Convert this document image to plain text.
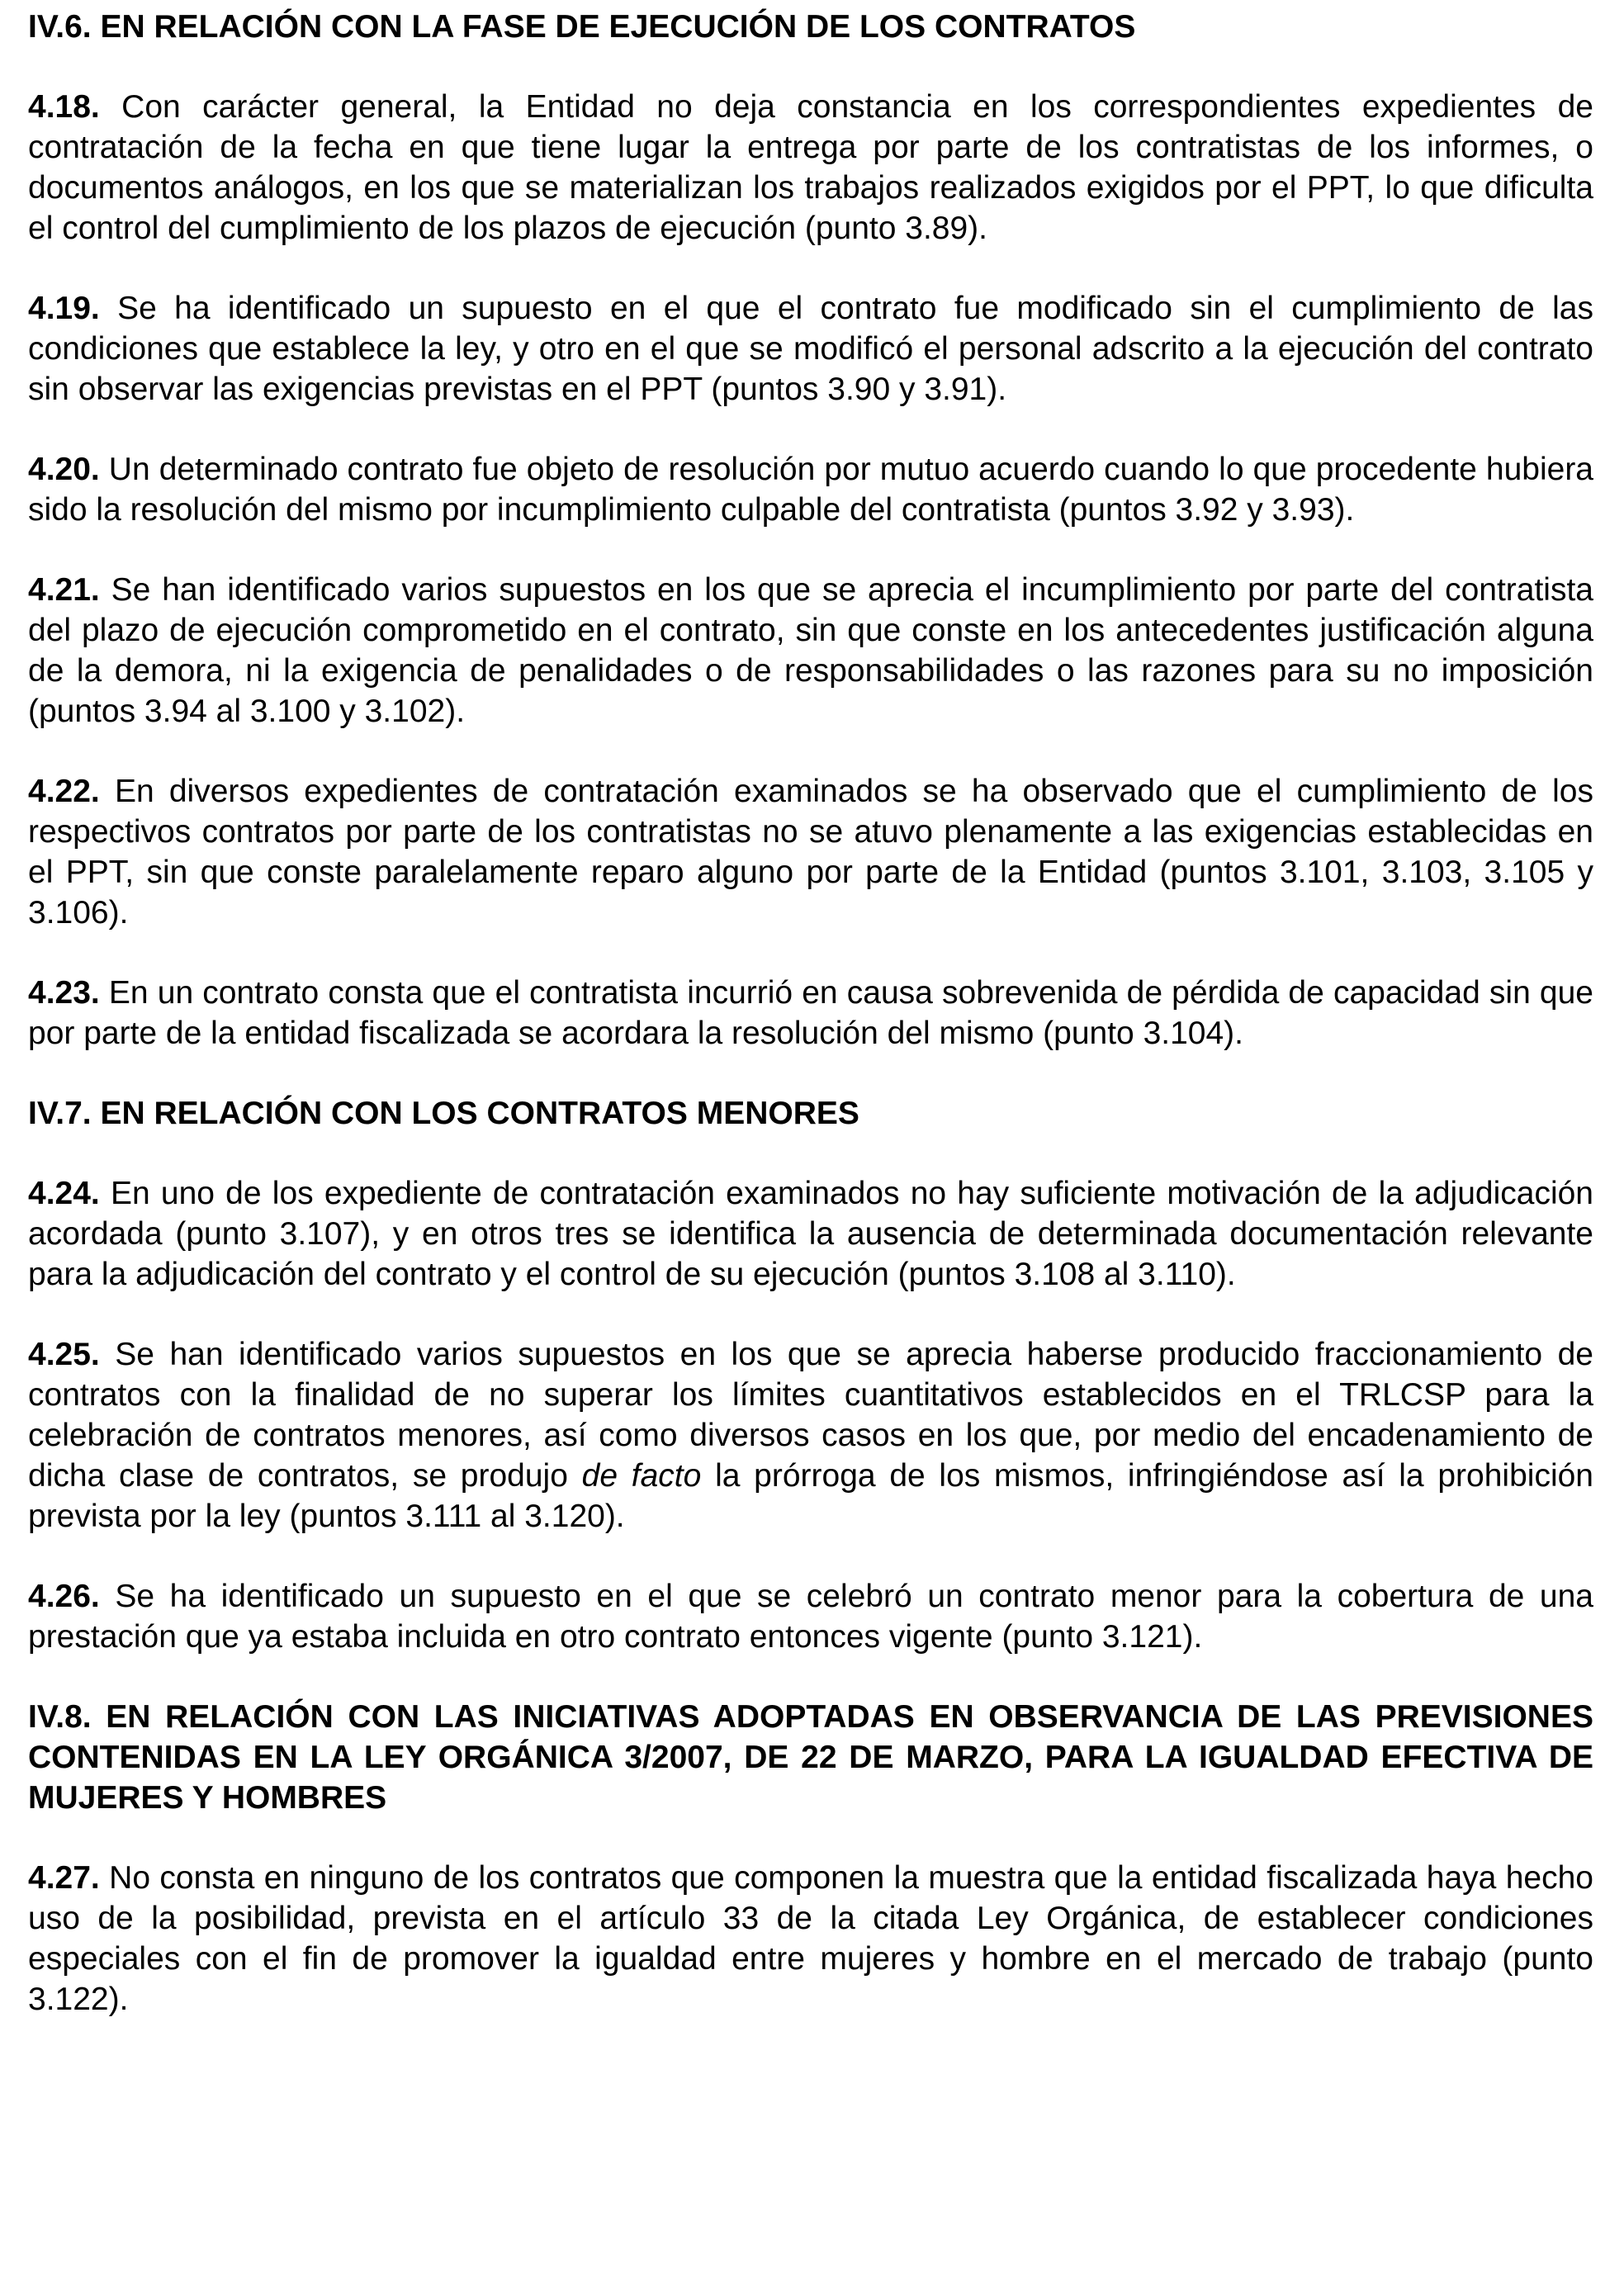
IV.6. EN RELACIÓN CON LA FASE DE EJECUCIÓN DE LOS CONTRATOS

4.18. Con carácter general, la Entidad no deja constancia en los correspondientes expedientes de contratación de la fecha en que tiene lugar la entrega por parte de los contratistas de los informes, o documentos análogos, en los que se materializan los trabajos realizados exigidos por el PPT, lo que dificulta el control del cumplimiento de los plazos de ejecución (punto 3.89).

4.19. Se ha identificado un supuesto en el que el contrato fue modificado sin el cumplimiento de las condiciones que establece la ley, y otro en el que se modificó el personal adscrito a la ejecución del contrato sin observar las exigencias previstas en el PPT (puntos 3.90 y 3.91).

4.20. Un determinado contrato fue objeto de resolución por mutuo acuerdo cuando lo que procedente hubiera sido la resolución del mismo por incumplimiento culpable del contratista (puntos 3.92 y 3.93).

4.21. Se han identificado varios supuestos en los que se aprecia el incumplimiento por parte del contratista del plazo de ejecución comprometido en el contrato, sin que conste en los antecedentes justificación alguna de la demora, ni la exigencia de penalidades o de responsabilidades o las razones para su no imposición (puntos 3.94 al 3.100 y 3.102).

4.22. En diversos expedientes de contratación examinados se ha observado que el cumplimiento de los respectivos contratos por parte de los contratistas no se atuvo plenamente a las exigencias establecidas en el PPT, sin que conste paralelamente reparo alguno por parte de la Entidad (puntos 3.101, 3.103, 3.105 y 3.106).

4.23. En un contrato consta que el contratista incurrió en causa sobrevenida de pérdida de capacidad sin que por parte de la entidad fiscalizada se acordara la resolución del mismo (punto 3.104).

IV.7. EN RELACIÓN CON LOS CONTRATOS MENORES

4.24. En uno de los expediente de contratación examinados no hay suficiente motivación de la adjudicación acordada (punto 3.107), y en otros tres se identifica la ausencia de determinada documentación relevante para la adjudicación del contrato y el control de su ejecución (puntos 3.108 al 3.110).

4.25. Se han identificado varios supuestos en los que se aprecia haberse producido fraccionamiento de contratos con la finalidad de no superar los límites cuantitativos establecidos en el TRLCSP para la celebración de contratos menores, así como diversos casos en los que, por medio del encadenamiento de dicha clase de contratos, se produjo de facto la prórroga de los mismos, infringiéndose así la prohibición prevista por la ley (puntos 3.111 al 3.120).

4.26. Se ha identificado un supuesto en el que se celebró un contrato menor para la cobertura de una prestación que ya estaba incluida en otro contrato entonces vigente (punto 3.121).

IV.8. EN RELACIÓN CON LAS INICIATIVAS ADOPTADAS EN OBSERVANCIA DE LAS PREVISIONES CONTENIDAS EN LA LEY ORGÁNICA 3/2007, DE 22 DE MARZO, PARA LA IGUALDAD EFECTIVA DE MUJERES Y HOMBRES

4.27. No consta en ninguno de los contratos que componen la muestra que la entidad fiscalizada haya hecho uso de la posibilidad, prevista en el artículo 33 de la citada Ley Orgánica, de establecer condiciones especiales con el fin de promover la igualdad entre mujeres y hombre en el mercado de trabajo (punto 3.122).
